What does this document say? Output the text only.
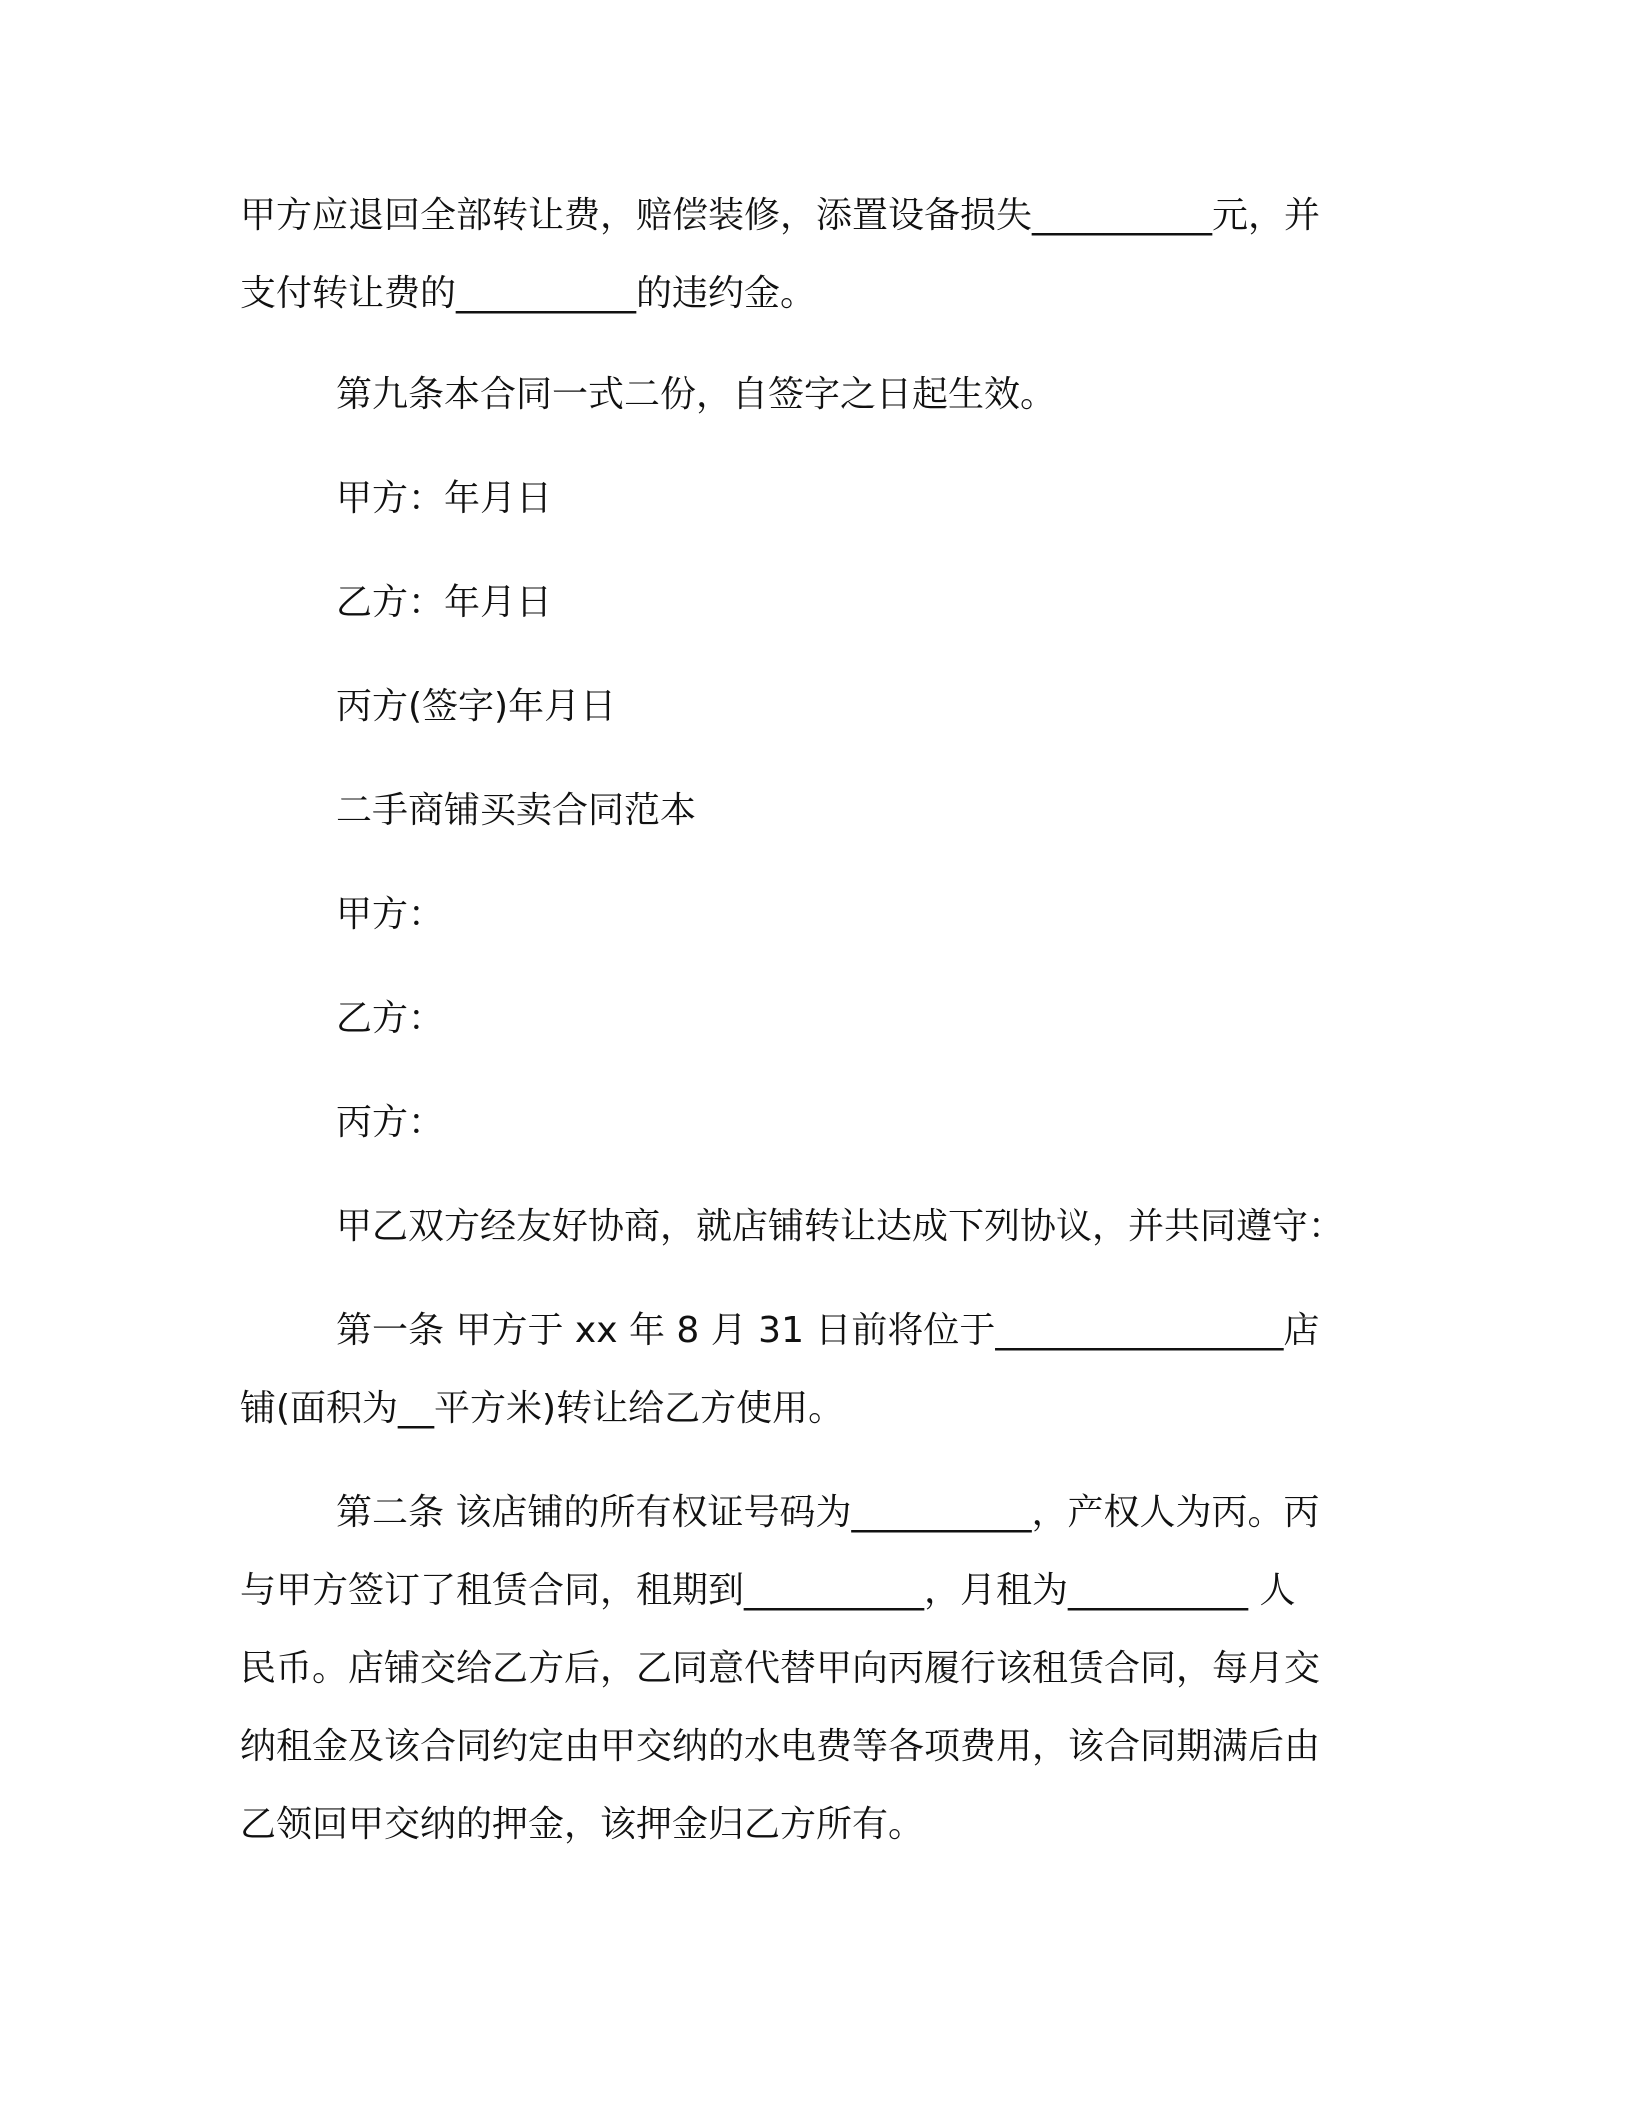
甲方应退回全部转让费，赔偿装修，添置设备损失__________元，并
支付转让费的__________的违约金。
第九条本合同一式二份，自签字之日起生效。
甲方：年月日
乙方：年月日
丙方(签字)年月日
二手商铺买卖合同范本
甲方：
乙方：
丙方：
甲乙双方经友好协商，就店铺转让达成下列协议，并共同遵守：
第一条 甲方于 xx 年 8 月 31 日前将位于________________店
铺(面积为__平方米)转让给乙方使用。
第二条 该店铺的所有权证号码为__________，产权人为丙。丙
与甲方签订了租赁合同，租期到__________，月租为__________ 人
民币。店铺交给乙方后，乙同意代替甲向丙履行该租赁合同，每月交
纳租金及该合同约定由甲交纳的水电费等各项费用，该合同期满后由
乙领回甲交纳的押金，该押金归乙方所有。
